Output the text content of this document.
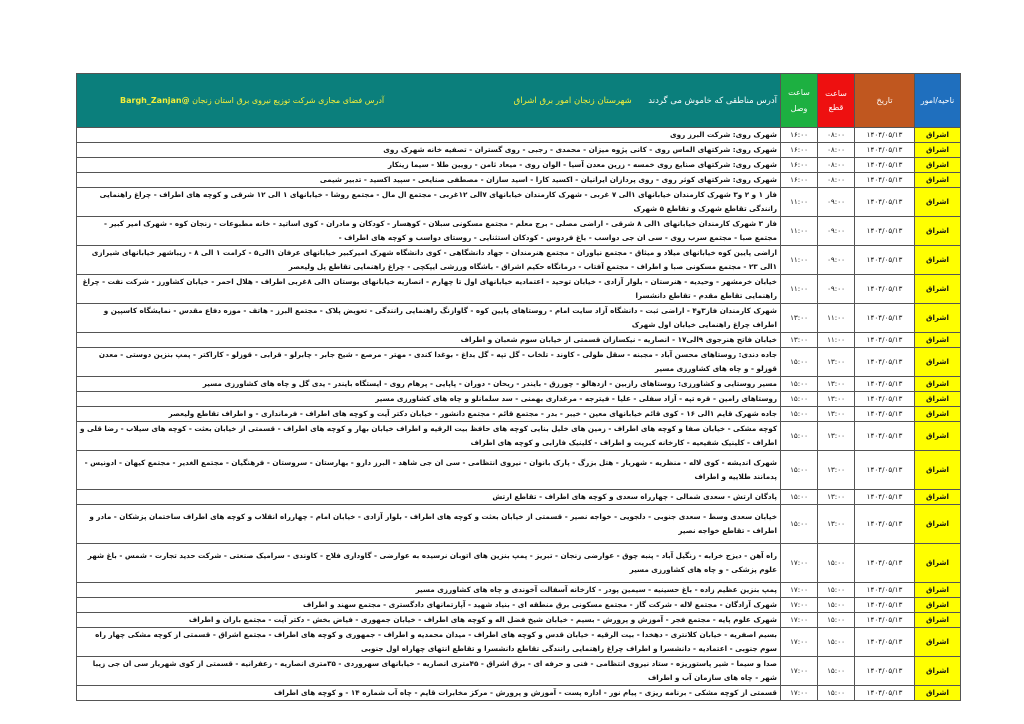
ناحیه/امور	تاریخ	ساعت قطع	ساعت وصل	آدرس مناطقی که خاموش می گردند شهرستان زنجان امور برق اشراق
آدرس فضای مجازی شرکت توزیع نیروی برق استان زنجان @Bargh_Zanjan

اشراق	۱۴۰۴/۰۵/۱۳	۰۸:۰۰	۱۶:۰۰	شهرک روی: شرکت البرز روی
اشراق	۱۴۰۴/۰۵/۱۳	۰۸:۰۰	۱۶:۰۰	شهرک روی: شرکتهای الماس روی - کانی پژوه میزان - محمدی - رجبی - روی گستران - تصفیه خانه شهرک روی
اشراق	۱۴۰۴/۰۵/۱۳	۰۸:۰۰	۱۶:۰۰	شهرک روی: شرکتهای صنایع روی خمسه - زرین معدن آسیا - الوان روی - میعاد ثامن - رویین طلا - سیما زینکار
اشراق	۱۴۰۴/۰۵/۱۳	۰۸:۰۰	۱۶:۰۰	شهرک روی: شرکتهای کوثر روی - روی پردازان ایرانیان - اکسید کارا - اسید سازان - مصطفی صنایعی - سپید اکسید - تدبیر شیمی
اشراق	۱۴۰۴/۰۵/۱۳	۰۹:۰۰	۱۱:۰۰	فاز ۱ و ۲ و۳ شهرک کارمندان خیابانهای ۱الی ۷ غربی - شهرک کارمندان خیابانهای ۷الی ۱۲غربی - مجتمع ال مال - مجتمع روشا - خیابانهای ۱ الی ۱۲ شرقی و کوچه های اطراف - چراغ راهنمایی رانندگی تقاطع شهرک و تقاطع ۵ شهرک
اشراق	۱۴۰۴/۰۵/۱۳	۰۹:۰۰	۱۱:۰۰	فاز ۳ شهرک کارمندان خیابانهای ۱الی ۸ شرقی - اراضی مصلی - برج معلم - مجتمع مسکونی سبلان - کوهسار - کودکان و مادران - کوی اساتید - خانه مطبوعات - زنجان کوه - شهرک امیر کبیر - مجتمع صبا - مجتمع سرب روی - سی ان جی دواسب - باغ فردوس - کودکان استثنایی - روستای دواسب و کوچه های اطراف -
اشراق	۱۴۰۴/۰۵/۱۳	۰۹:۰۰	۱۱:۰۰	اراضی پایین کوه خیابانهای میلاد و میثاق - مجتمع نیاوران - مجتمع هنرمندان - جهاد دانشگاهی - کوی دانشگاه شهرک امیرکبیر خیابانهای عرفان ۱الی۵ - کرامت ۱ الی ۸ - زیباشهر خیابانهای شیرازی ۱الی ۲۳ - مجتمع مسکونی صبا و اطراف - مجتمع آفتاب - درمانگاه حکیم اشراق - باشگاه ورزشی ایپکچی - چراغ راهنمایی تقاطع پل ولیعصر
اشراق	۱۴۰۴/۰۵/۱۳	۰۹:۰۰	۱۱:۰۰	خیابان خرمشهر - وحیدیه - هنرستان - بلوار آزادی - خیابان توحید - اعتمادیه خیابانهای اول تا چهارم - انصاریه خیابانهای بوستان ۱الی ۸غربی اطراف - هلال احمر - خیابان کشاورز - شرکت نفت - چراغ راهنمایی تقاطع مقدم - تقاطع دانشسرا
اشراق	۱۴۰۴/۰۵/۱۳	۱۱:۰۰	۱۳:۰۰	شهرک کارمندان فاز۳و۴ - اراضی ثبت - دانشگاه آزاد سایت امام - روستاهای پایین کوه - گاوازنگ راهنمایی رانندگی - تعویض پلاک - مجتمع البرز - هاتف - موزه دفاع مقدس - نمایشگاه کاسپین و اطراف چراغ راهنمایی خیابان اول شهرک
اشراق	۱۴۰۴/۰۵/۱۳	۱۱:۰۰	۱۳:۰۰	خیابان فاتح هنرجوی ۹الی۱۷ - انصاریه - نیکسازان قسمتی از خیابان سوم شعبان و اطراف
اشراق	۱۴۰۴/۰۵/۱۳	۱۳:۰۰	۱۵:۰۰	جاده دندی: روستاهای محسن آباد - مجبنه - سقل طولی - کاوند - تلخاب - گل تپه - گل بداغ - بوغدا کندی - مهتر - مرصع - شیخ جابر - چابرلو - قرابی - قوزلو - کاراکتر - پمپ بنزین دوستی - معدن قوزلو - و چاه های کشاورزی مسیر
اشراق	۱۴۰۴/۰۵/۱۳	۱۳:۰۰	۱۵:۰۰	مسیر روستایی و کشاورزی: روستاهای رازبین - ازدهالو - چورزق - بایندر - ریحان - دوران - پاپایی - پرهام روی - ایستگاه بایندر - یدی گل و چاه های کشاورزی مسیر
اشراق	۱۴۰۴/۰۵/۱۳	۱۳:۰۰	۱۵:۰۰	روستاهای رامین - قره تپه - آزاد سفلی - علیا - فیترجه - مرغداری بهمنی - سد سلمانلو و چاه های کشاورزی مسیر
اشراق	۱۴۰۴/۰۵/۱۳	۱۳:۰۰	۱۵:۰۰	جاده شهرک قایم ۱الی ۱۶ - کوی قائم خیابانهای معین - خیبر - بدر - مجتمع قائم - مجتمع دانشور - خیابان دکتر آیت و کوچه های اطراف - فرمانداری - و اطراف تقاطع ولیعصر
اشراق	۱۴۰۴/۰۵/۱۳	۱۳:۰۰	۱۵:۰۰	کوچه مشکی - خیابان صفا و کوچه های اطراف - زمین های خلیل بنایی کوچه های حافظ بیت الرقیه و اطراف خیابان بهار و کوچه های اطراف - قسمتی از خیابان بعثت - کوچه های سیلاب - رضا قلی و اطراف - کلینیک شفیعیه - کارخانه کبریت و اطراف - کلینیک فارابی و کوچه های اطراف
اشراق	۱۴۰۴/۰۵/۱۳	۱۳:۰۰	۱۵:۰۰	شهرک اندیشه - کوی لاله - منظریه - شهریار - هتل بزرگ - پارک بانوان - نیروی انتظامی - سی ان جی شاهد - البرز دارو - بهارستان - سروستان - فرهنگیان - مجتمع الغدیر - مجتمع کیهان - ادونیس - پدمانند طلاییه و اطراف
اشراق	۱۴۰۴/۰۵/۱۳	۱۳:۰۰	۱۵:۰۰	پادگان ارتش - سعدی شمالی - چهارراه سعدی و کوچه های اطراف - تقاطع ارتش
اشراق	۱۴۰۴/۰۵/۱۳	۱۳:۰۰	۱۵:۰۰	خیابان سعدی وسط - سعدی جنوبی - دلجویی - خواجه نصیر - قسمتی از خیابان بعثت و کوچه های اطراف - بلوار آزادی - خیابان امام - چهارراه انقلاب و کوچه های اطراف ساختمان پزشکان - مادر و اطراف - تقاطع خواجه نصیر
اشراق	۱۴۰۴/۰۵/۱۳	۱۵:۰۰	۱۷:۰۰	راه آهن - دیزج خرابه - زنگیل آباد - پنبه چوق - عوارضی زنجان - تبریز - پمپ بنزین های اتوبان نرسیده به عوارضی - گاوداری فلاح - کاوندی - سرامیک صنعتی - شرکت حدید تجارت - شمس - باغ شهر علوم پزشکی - و چاه های کشاورزی مسیر
اشراق	۱۴۰۴/۰۵/۱۳	۱۵:۰۰	۱۷:۰۰	پمپ بنزین عظیم زاده - باغ حسینیه - سیمین پودر - کارخانه آسفالت آخوندی و چاه های کشاورزی مسیر
اشراق	۱۴۰۴/۰۵/۱۳	۱۵:۰۰	۱۷:۰۰	شهرک آزادگان - مجتمع لاله - شرکت گاز - مجتمع مسکونی برق منطقه ای - بنیاد شهید - آپارتمانهای دادگستری - مجتمع سهند و اطراف
اشراق	۱۴۰۴/۰۵/۱۳	۱۵:۰۰	۱۷:۰۰	شهرک علوم پایه - مجتمع فجر - آموزش و پرورش - بسیم - خیابان شیخ فضل اله و کوچه های اطراف - خیابان جمهوری - فیاض بخش - دکتر آیت - مجتمع باران و اطراف
اشراق	۱۴۰۴/۰۵/۱۳	۱۵:۰۰	۱۷:۰۰	بسیم اصفریه - خیابان کلانتری - دهخدا - بیت الرقیه - خیابان قدس و کوچه های اطراف - میدان محمدیه و اطراف - جمهوری و کوچه های اطراف - مجتمع اشراق - قسمتی از کوچه مشکی چهار راه سوم جنوبی - اعتمادیه - دانشسرا و اطراف چراغ راهنمایی رانندگی تقاطع دانشسرا و تقاطع انتهای چهاراه اول جنوبی
اشراق	۱۴۰۴/۰۵/۱۳	۱۵:۰۰	۱۷:۰۰	صدا و سیما - شیر پاستوریزه - ستاد نیروی انتظامی - فنی و حرفه ای - برق اشراق - ۴۵متری انصاریه - خیابانهای سهروردی - ۳۵متری انصاریه - زعفرانیه - قسمتی از کوی شهریار سی ان جی زیبا شهر - چاه های سازمان آب و اطراف
اشراق	۱۴۰۴/۰۵/۱۳	۱۵:۰۰	۱۷:۰۰	قسمتی از کوچه مشکی - برنامه ریزی - پیام نور - اداره پست - آموزش و پرورش - مرکز مخابرات قایم - چاه آب شماره ۱۴ - و کوچه های اطراف
